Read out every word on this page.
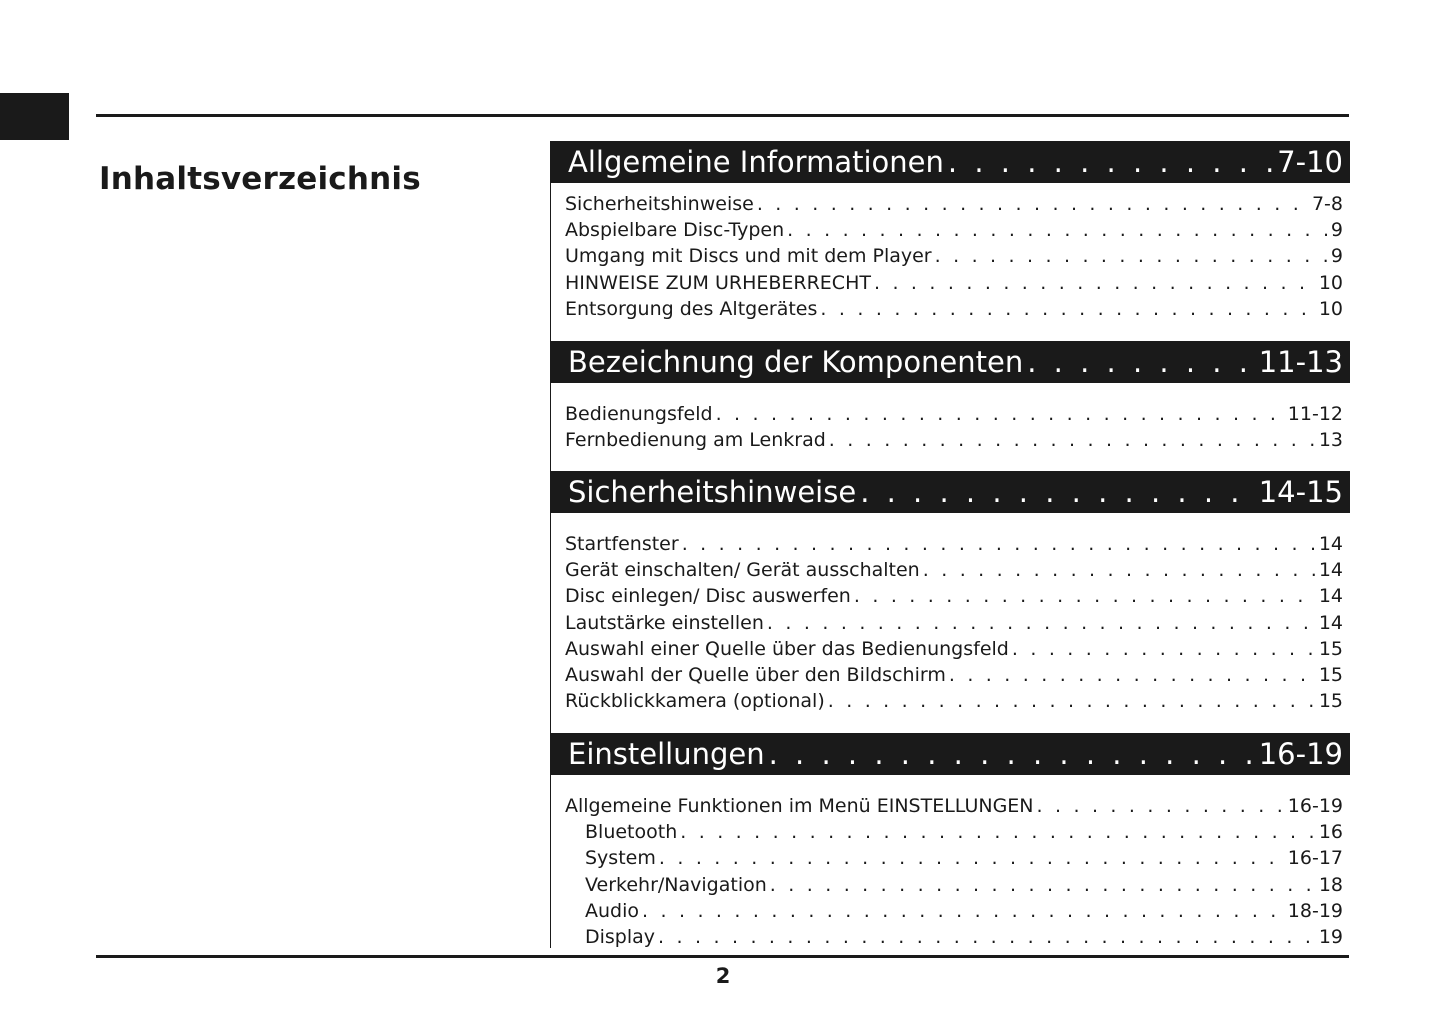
Inhaltsverzeichnis	Allgemeine Informationen . . .	7-10
Sicherheitshinweise . . .	7-8
Abspielbare Disc-Typen . . .	9
Umgang mit Discs und mit dem Player . . .	9
HINWEISE ZUM URHEBERRECHT . . .	10
Entsorgung des Altgerätes . . .	10
Bezeichnung der Komponenten . . .	11-13
Bedienungsfeld . . .	11-12
Fernbedienung am Lenkrad . . .	13
Sicherheitshinweise . . .	14-15
Startfenster . . .	14
Gerät einschalten/ Gerät ausschalten . . .	14
Disc einlegen/ Disc auswerfen . . .	14
Lautstärke einstellen . . .	14
Auswahl einer Quelle über das Bedienungsfeld . . .	15
Auswahl der Quelle über den Bildschirm . . .	15
Rückblickkamera (optional) . . .	15
Einstellungen . . .	16-19
Allgemeine Funktionen im Menü EINSTELLUNGEN . . .	16-19
Bluetooth . . .	16
System . . .	16-17
Verkehr/Navigation . . .	18
Audio . . .	18-19
Display . . .	19
2
